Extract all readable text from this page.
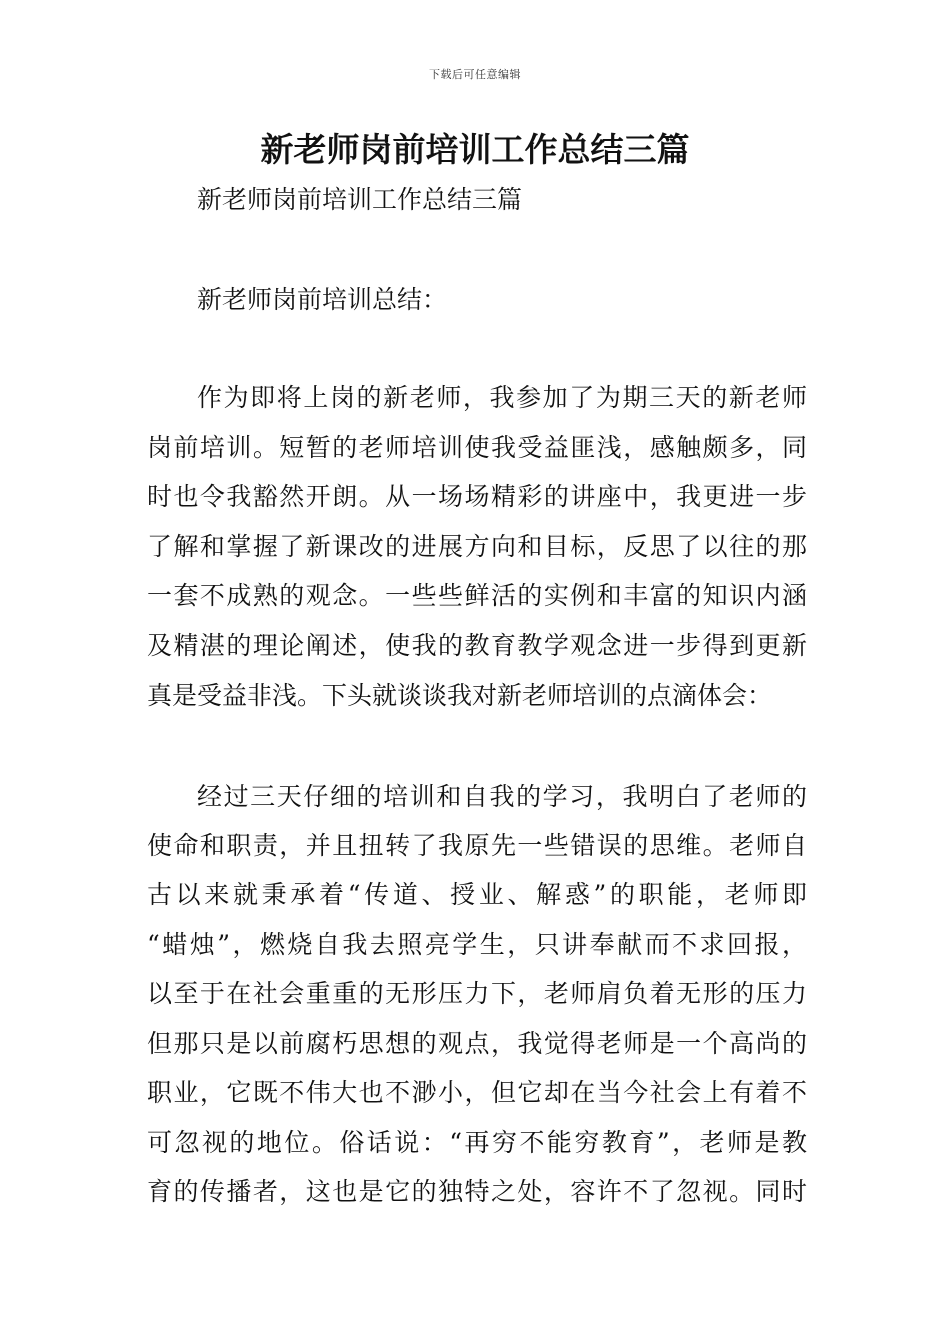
下载后可任意编辑
新老师岗前培训工作总结三篇
新老师岗前培训工作总结三篇
新老师岗前培训总结：
作为即将上岗的新老师，我参加了为期三天的新老师
岗前培训。短暂的老师培训使我受益匪浅，感触颇多，同
时也令我豁然开朗。从一场场精彩的讲座中，我更进一步
了解和掌握了新课改的进展方向和目标，反思了以往的那
一套不成熟的观念。一些些鲜活的实例和丰富的知识内涵
及精湛的理论阐述，使我的教育教学观念进一步得到更新
真是受益非浅。下头就谈谈我对新老师培训的点滴体会：
经过三天仔细的培训和自我的学习，我明白了老师的
使命和职责，并且扭转了我原先一些错误的思维。老师自
古以来就秉承着“传道、授业、解惑”的职能，老师即
“蜡烛”，燃烧自我去照亮学生，只讲奉献而不求回报，
以至于在社会重重的无形压力下，老师肩负着无形的压力
但那只是以前腐朽思想的观点，我觉得老师是一个高尚的
职业，它既不伟大也不渺小，但它却在当今社会上有着不
可忽视的地位。俗话说：“再穷不能穷教育”，老师是教
育的传播者，这也是它的独特之处，容许不了忽视。同时
